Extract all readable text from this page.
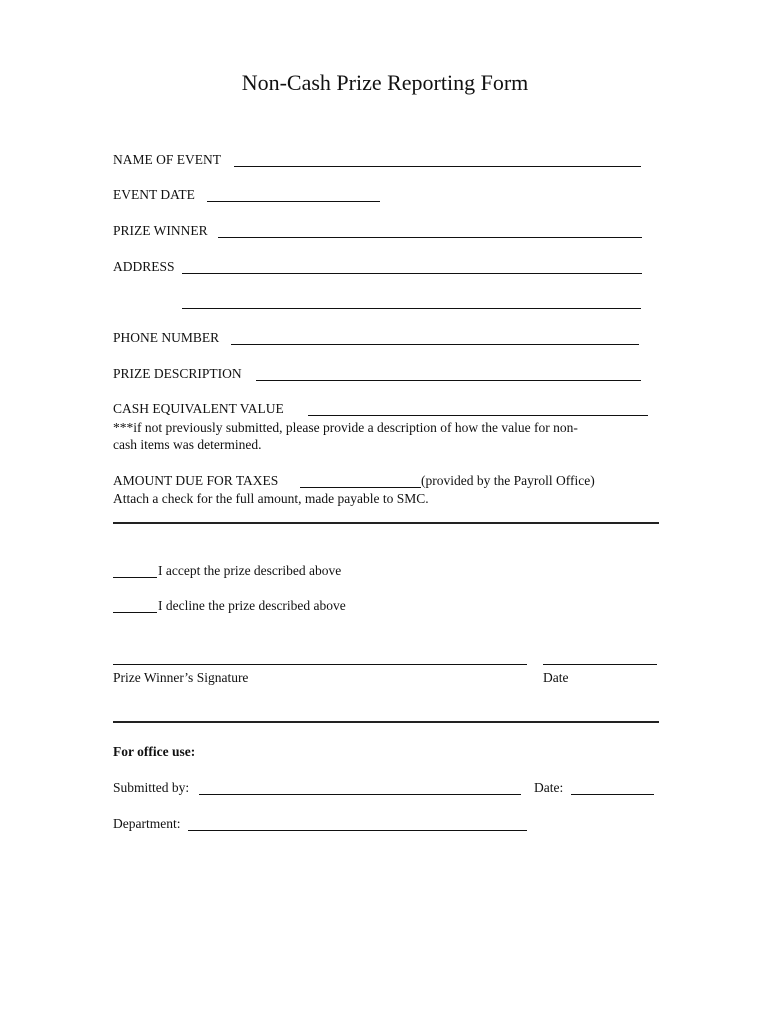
Non-Cash Prize Reporting Form
NAME OF EVENT
EVENT DATE
PRIZE WINNER
ADDRESS
PHONE NUMBER
PRIZE DESCRIPTION
CASH EQUIVALENT VALUE
***if not previously submitted, please provide a description of how the value for non-
cash items was determined.
AMOUNT DUE FOR TAXES	(provided by the Payroll Office)
Attach a check for the full amount, made payable to SMC.
I accept the prize described above
I decline the prize described above
Prize Winner’s Signature	Date
For office use:
Submitted by:	Date:
Department:
